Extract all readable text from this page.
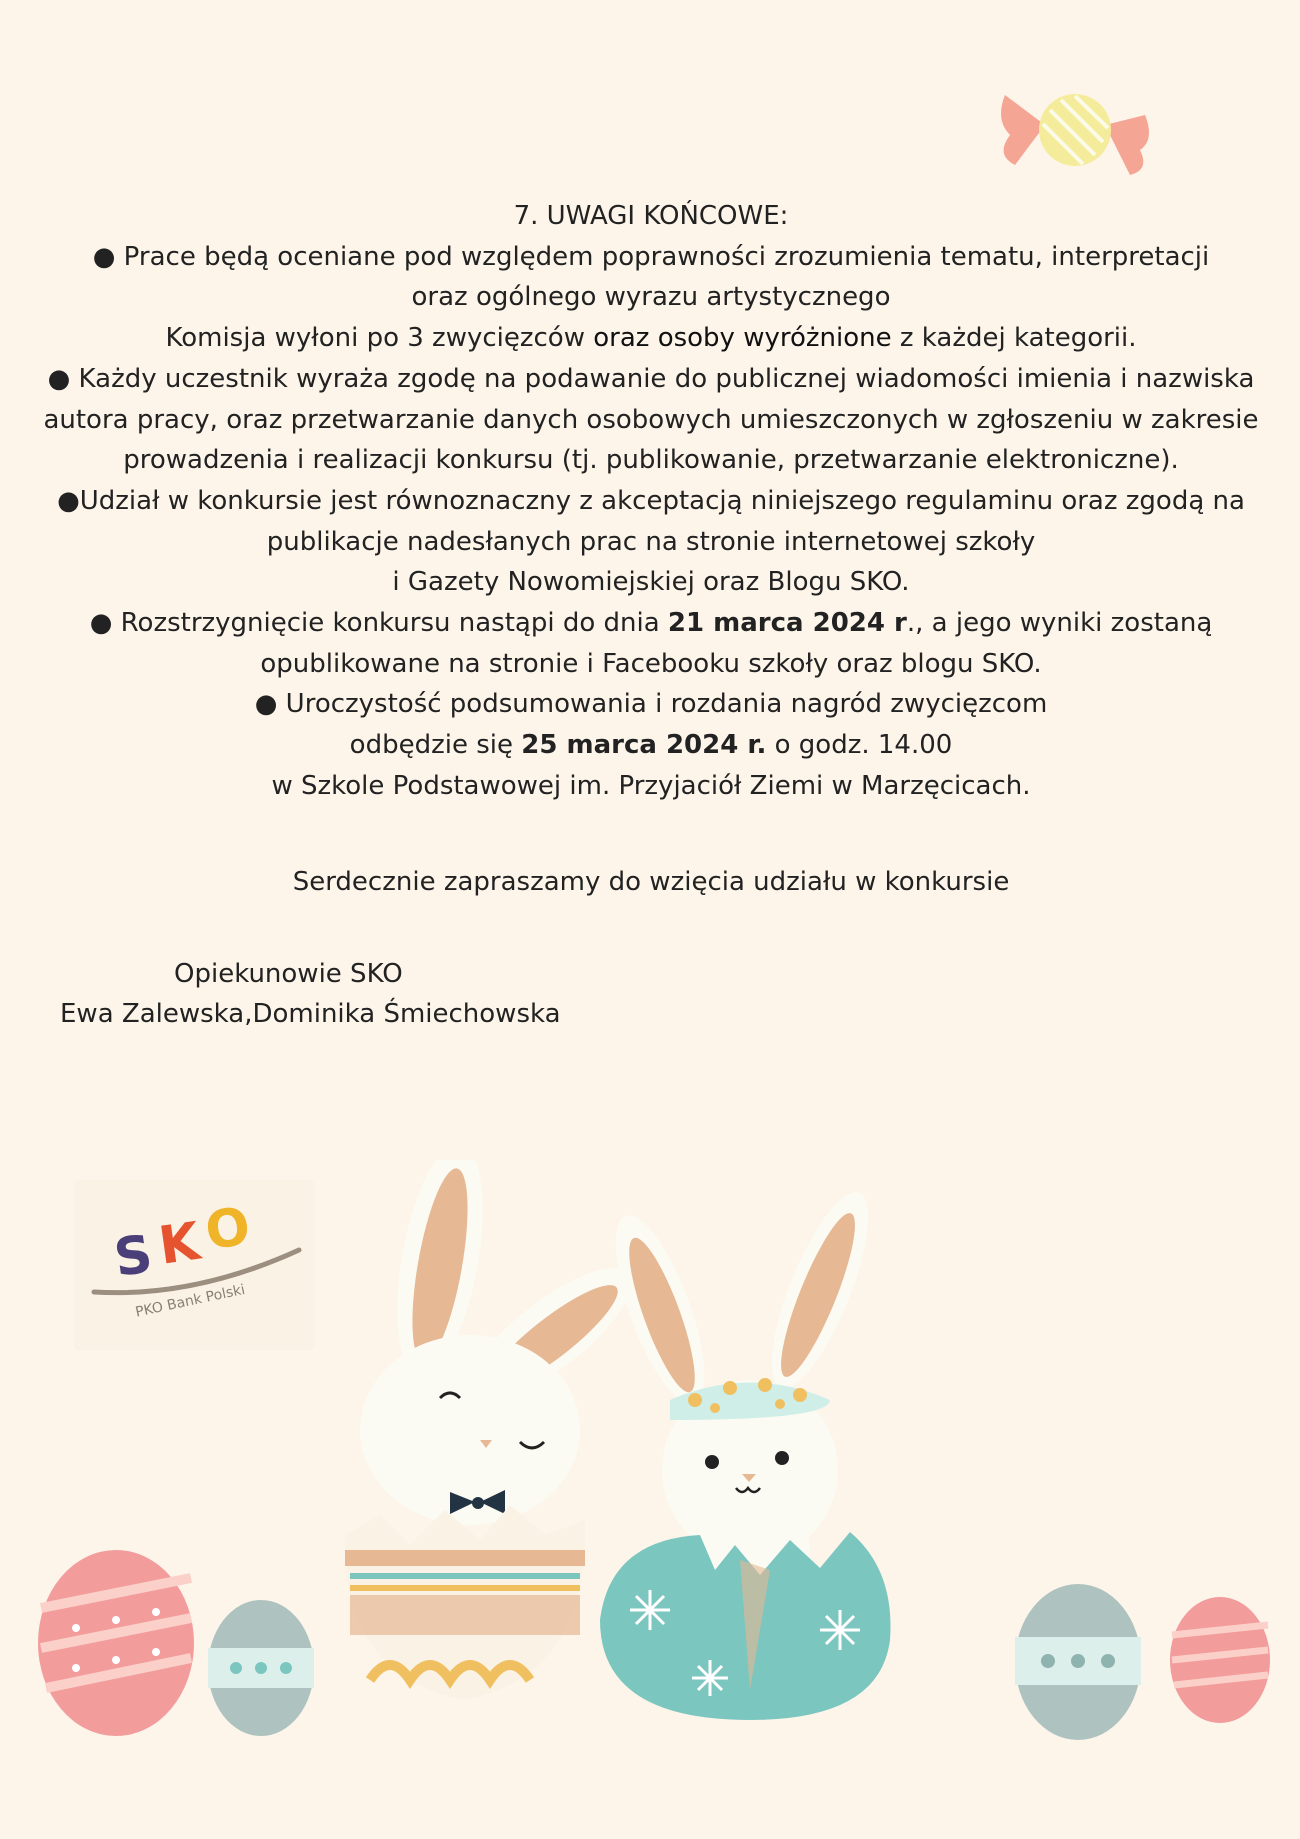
7. UWAGI KOŃCOWE:

● Prace będą oceniane pod względem poprawności zrozumienia tematu, interpretacji

oraz ogólnego wyrazu artystycznego

Komisja wyłoni po 3 zwycięzców oraz osoby wyróżnione z każdej kategorii.

● Każdy uczestnik wyraża zgodę na podawanie do publicznej wiadomości imienia i nazwiska

autora pracy, oraz przetwarzanie danych osobowych umieszczonych w zgłoszeniu w zakresie

prowadzenia i realizacji konkursu (tj. publikowanie, przetwarzanie elektroniczne).

●Udział w konkursie jest równoznaczny z akceptacją niniejszego regulaminu oraz zgodą na

publikacje nadesłanych prac na stronie internetowej szkoły

i Gazety Nowomiejskiej oraz Blogu SKO.

● Rozstrzygnięcie konkursu nastąpi do dnia 21 marca 2024 r., a jego wyniki zostaną

opublikowane na stronie i Facebooku szkoły oraz blogu SKO.

● Uroczystość podsumowania i rozdania nagród zwycięzcom

odbędzie się 25 marca 2024 r. o godz. 14.00

w Szkole Podstawowej im. Przyjaciół Ziemi w Marzęcicach.

Serdecznie zapraszamy do wzięcia udziału w konkursie

Opiekunowie SKO
Ewa Zalewska,Dominika Śmiechowska
S K
O
PKO Bank Polski
